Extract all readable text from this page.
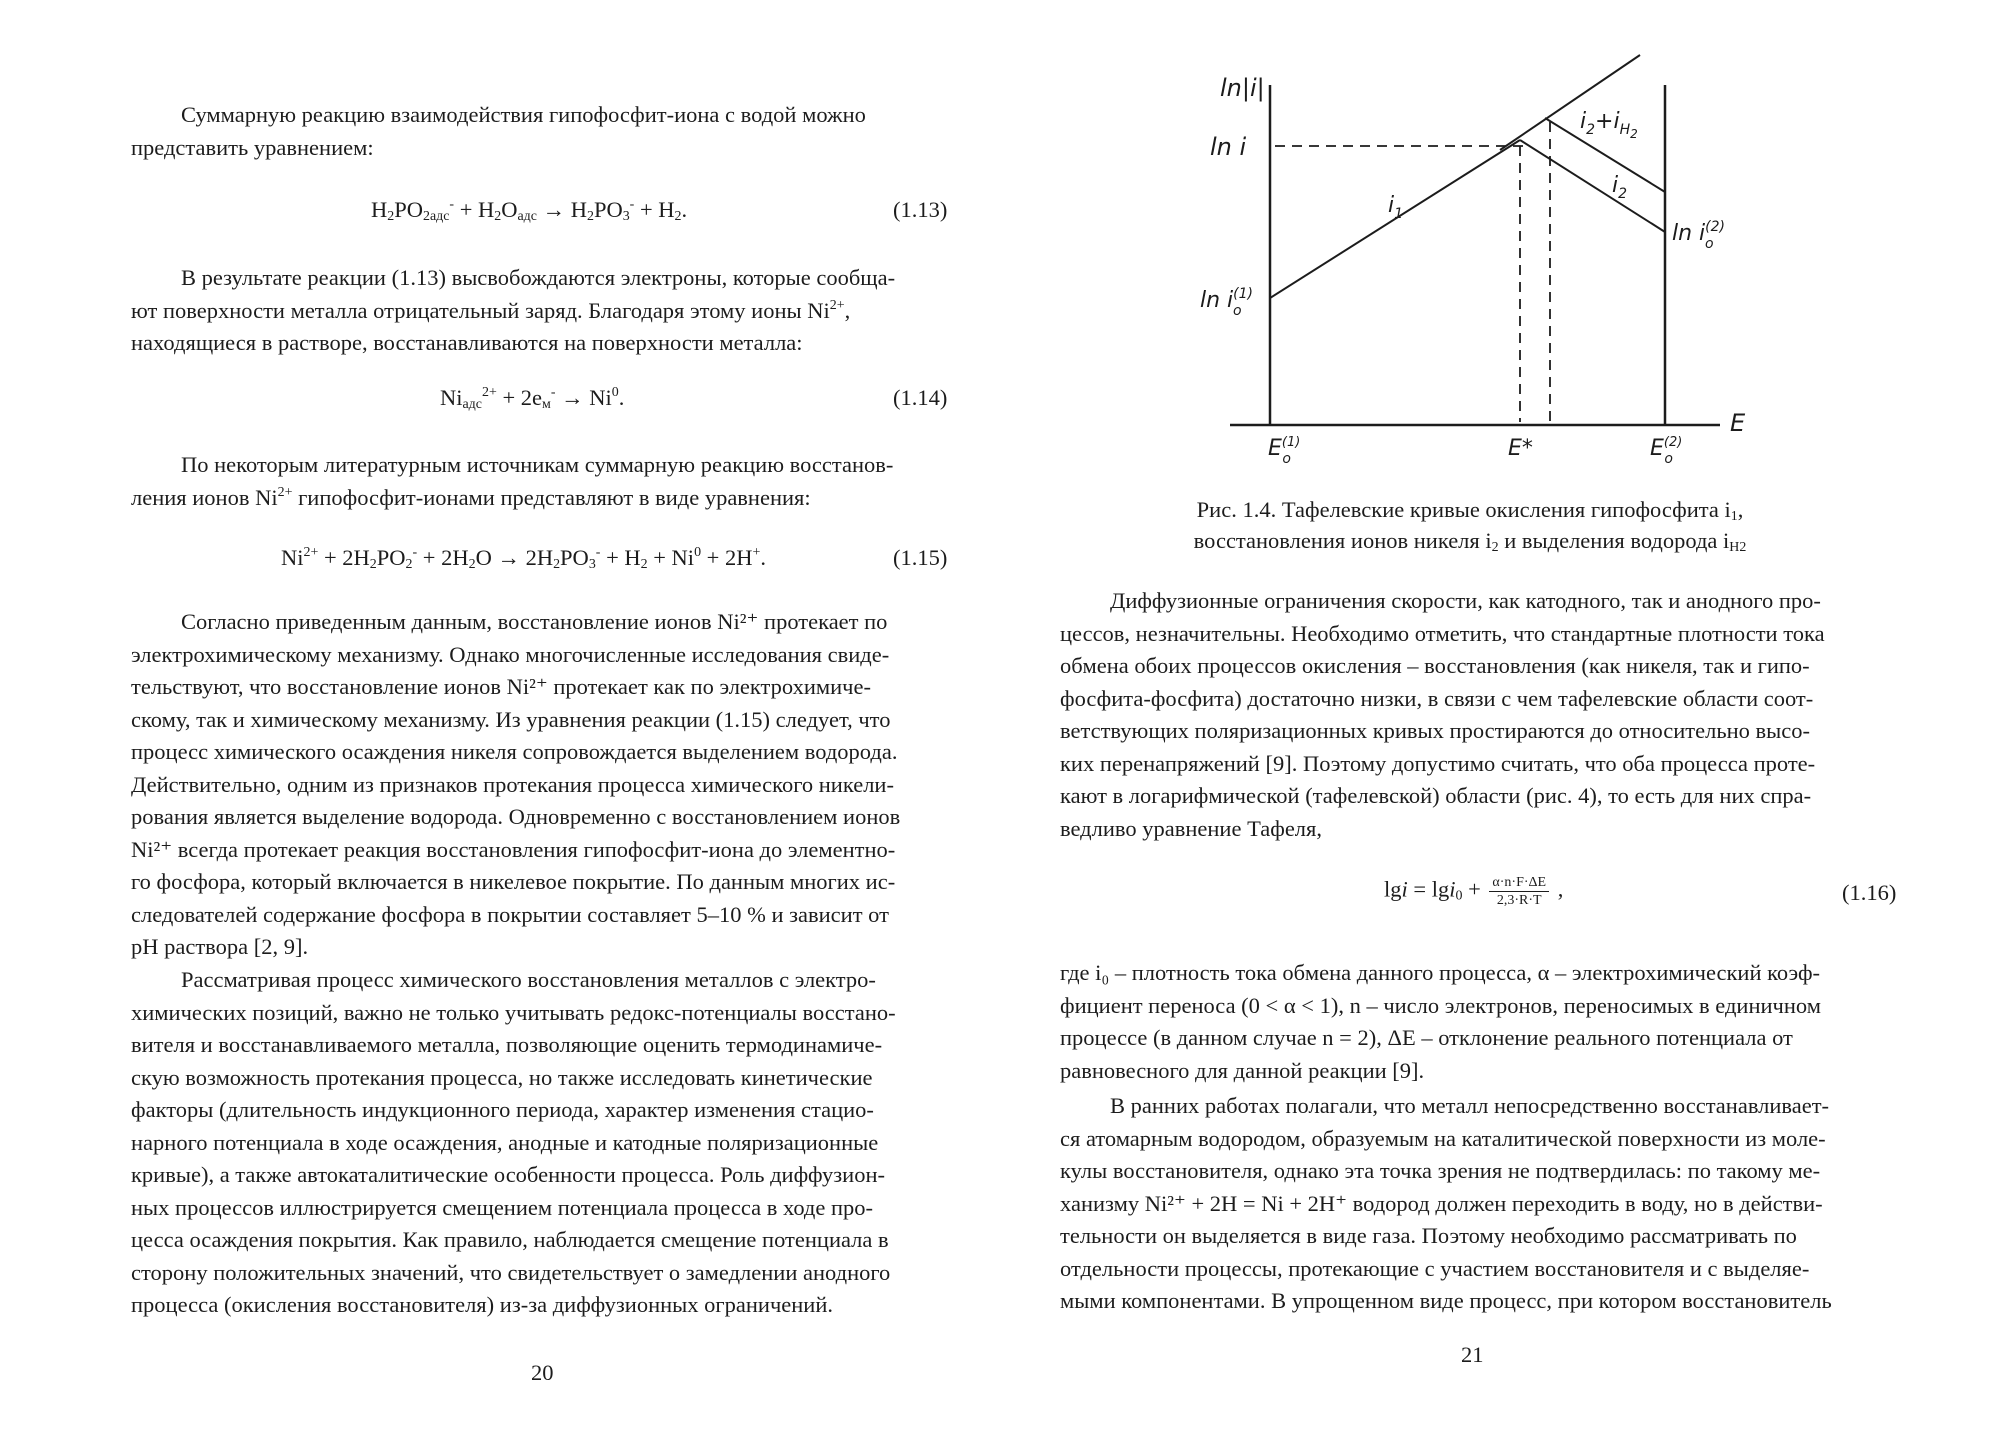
Суммарную реакцию взаимодействия гипофосфит-иона с водой можно
представить уравнением:

$H_2PO_{2адс}^- + H_2O_{адс} \to H_2PO_3^- + H_2$.	(1.13)

В результате реакции (1.13) высвобождаются электроны, которые сообща-
ют поверхности металла отрицательный заряд. Благодаря этому ионы $Ni^{2+}$,
находящиеся в растворе, восстанавливаются на поверхности металла:

$Ni_{адс}^{2+} + 2e_м^- \to Ni^0$.	(1.14)

По некоторым литературным источникам суммарную реакцию восстанов-
ления ионов $Ni^{2+}$ гипофосфит-ионами представляют в виде уравнения:

$Ni^{2+} + 2H_2PO_2^- + 2H_2O \to 2H_2PO_3^- + H_2 + Ni^0 + 2H^+$.	(1.15)

Согласно приведенным данным, восстановление ионов Ni²⁺ протекает по
электрохимическому механизму. Однако многочисленные исследования свиде-
тельствуют, что восстановление ионов Ni²⁺ протекает как по электрохимиче-
скому, так и химическому механизму. Из уравнения реакции (1.15) следует, что
процесс химического осаждения никеля сопровождается выделением водорода.
Действительно, одним из признаков протекания процесса химического никели-
рования является выделение водорода. Одновременно с восстановлением ионов
Ni²⁺ всегда протекает реакция восстановления гипофосфит-иона до элементно-
го фосфора, который включается в никелевое покрытие. По данным многих ис-
следователей содержание фосфора в покрытии составляет 5–10 % и зависит от
pH раствора [2, 9].

Рассматривая процесс химического восстановления металлов с электро-
химических позиций, важно не только учитывать редокс-потенциалы восстано-
вителя и восстанавливаемого металла, позволяющие оценить термодинамиче-
скую возможность протекания процесса, но также исследовать кинетические
факторы (длительность индукционного периода, характер изменения стацио-
нарного потенциала в ходе осаждения, анодные и катодные поляризационные
кривые), а также автокаталитические особенности процесса. Роль диффузион-
ных процессов иллюстрируется смещением потенциала процесса в ходе про-
цесса осаждения покрытия. Как правило, наблюдается смещение потенциала в
сторону положительных значений, что свидетельствует о замедлении анодного
процесса (окисления восстановителя) из-за диффузионных ограничений.

20
ln|i|
ln i
$\ln i^{(1)}$ o
$\ln i^{(2)}$ o
$i_1$
$i_2$
$i_2+i_H2$
E
$E^{(1)}$ o	E*	$E^{(2)}$ o
Рис. 1.4. Тафелевские кривые окисления гипофосфита $i_1$,
восстановления ионов никеля $i_2$ и выделения водорода $i_{H2}$

Диффузионные ограничения скорости, как катодного, так и анодного про-
цессов, незначительны. Необходимо отметить, что стандартные плотности тока
обмена обоих процессов окисления – восстановления (как никеля, так и гипо-
фосфита-фосфита) достаточно низки, в связи с чем тафелевские области соот-
ветствующих поляризационных кривых простираются до относительно высо-
ких перенапряжений [9]. Поэтому допустимо считать, что оба процесса проте-
кают в логарифмической (тафелевской) области (рис. 4), то есть для них спра-
ведливо уравнение Тафеля,

$\lg i = \lg i_0 + \frac{\alpha\cdot n\cdot F\cdot\Delta E}{2,3\cdot R\cdot T}$ ,	(1.16)

где i₀ – плотность тока обмена данного процесса, α – электрохимический коэф-
фициент переноса (0 < α < 1), n – число электронов, переносимых в единичном
процессе (в данном случае n = 2), ΔE – отклонение реального потенциала от
равновесного для данной реакции [9].

В ранних работах полагали, что металл непосредственно восстанавливает-
ся атомарным водородом, образуемым на каталитической поверхности из моле-
кулы восстановителя, однако эта точка зрения не подтвердилась: по такому ме-
ханизму Ni²⁺ + 2H = Ni + 2H⁺ водород должен переходить в воду, но в действи-
тельности он выделяется в виде газа. Поэтому необходимо рассматривать по
отдельности процессы, протекающие с участием восстановителя и с выделяе-
мыми компонентами. В упрощенном виде процесс, при котором восстановитель

21
